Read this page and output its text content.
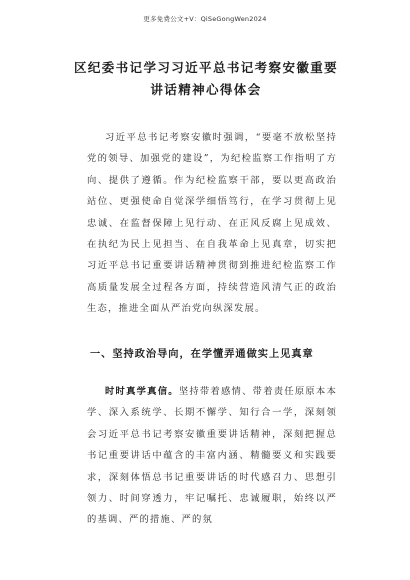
更多免费公文+V：QiSeGongWen2024
区纪委书记学习习近平总书记考察安徽重要讲话精神心得体会
习近平总书记考察安徽时强调，“要毫不放松坚持党的领导、加强党的建设”，为纪检监察工作指明了方向、提供了遵循。作为纪检监察干部，要以更高政治站位、更强使命自觉深学细悟笃行，在学习贯彻上见忠诚、在监督保障上见行动、在正风反腐上见成效、在执纪为民上见担当、在自我革命上见真章，切实把习近平总书记重要讲话精神贯彻到推进纪检监察工作高质量发展全过程各方面，持续营造风清气正的政治生态，推进全面从严治党向纵深发展。
一、坚持政治导向，在学懂弄通做实上见真章
时时真学真信。坚持带着感情、带着责任原原本本学、深入系统学、长期不懈学、知行合一学，深刻领会习近平总书记考察安徽重要讲话精神，深刻把握总书记重要讲话中蕴含的丰富内涵、精髓要义和实践要求，深刻体悟总书记重要讲话的时代感召力、思想引领力、时间穿透力，牢记嘱托、忠诚履职，始终以严的基调、严的措施、严的氛
